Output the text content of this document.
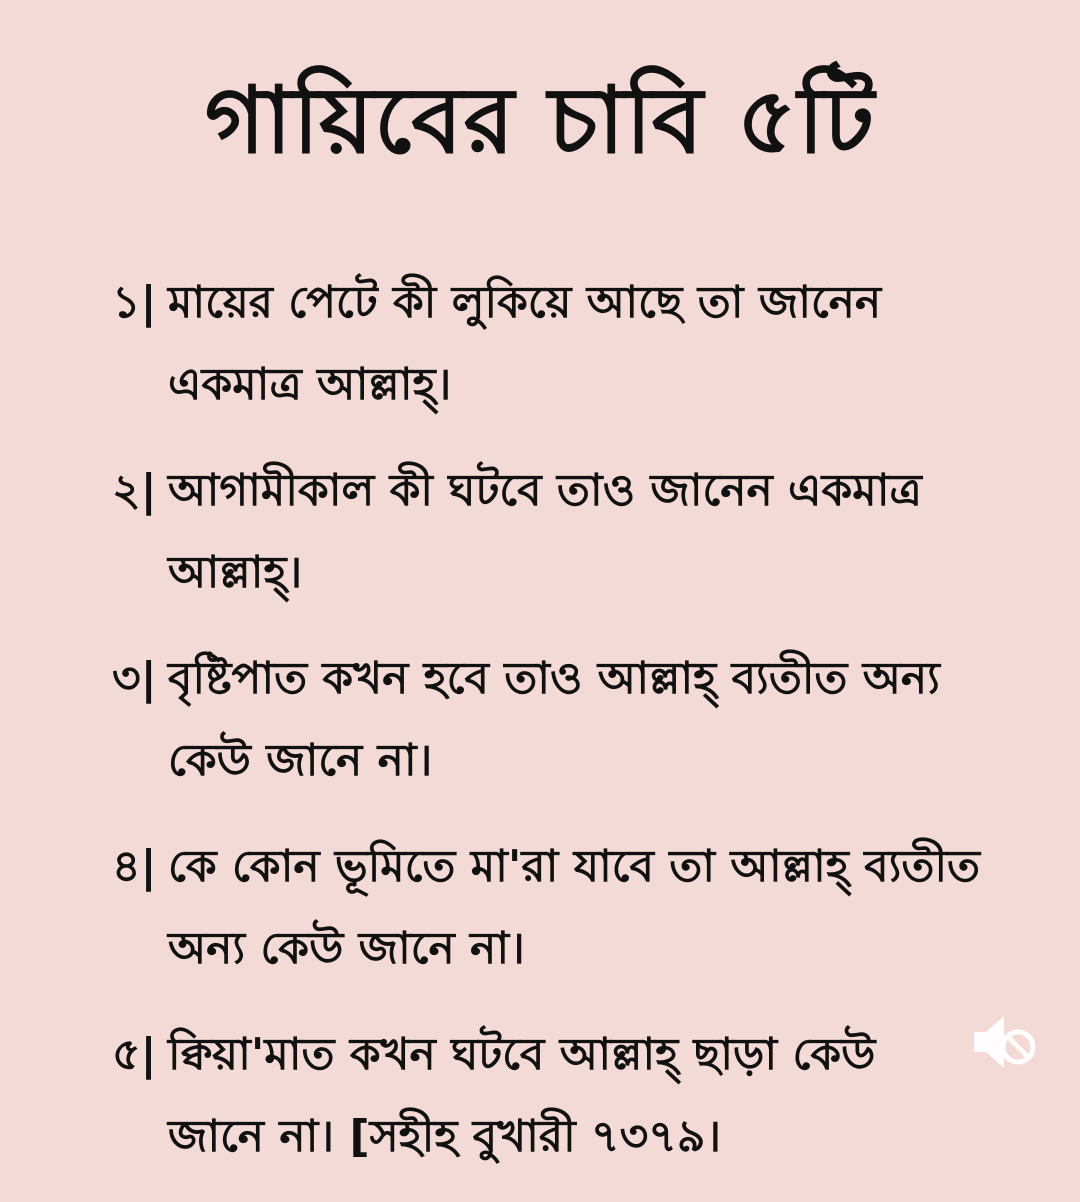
গায়িবের চাবি ৫টি
১| মায়ের পেটে কী লুকিয়ে আছে তা জানেন
একমাত্র আল্লাহ্।
২| আগামীকাল কী ঘটবে তাও জানেন একমাত্র
আল্লাহ্।
৩| বৃষ্টিপাত কখন হবে তাও আল্লাহ্ ব্যতীত অন্য
কেউ জানে না।
৪| কে কোন ভূমিতে মা'রা যাবে তা আল্লাহ্ ব্যতীত
অন্য কেউ জানে না।
৫| ক্বিয়া'মাত কখন ঘটবে আল্লাহ্ ছাড়া কেউ
জানে না। [সহীহ বুখারী ৭৩৭৯।
